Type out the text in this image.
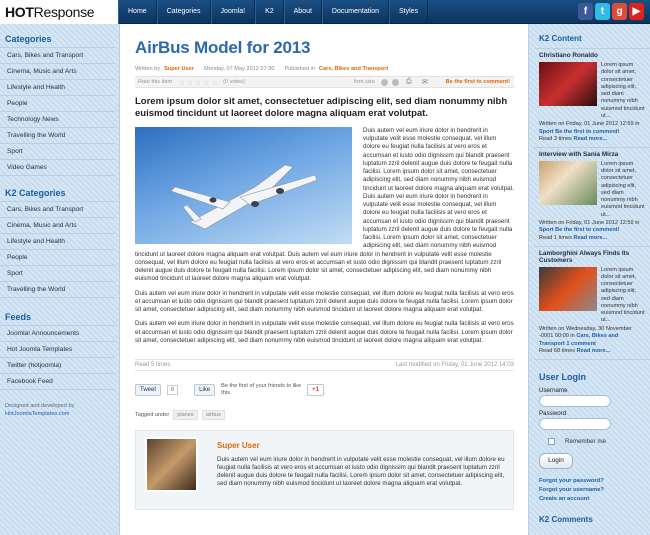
HOTResponse	Home	Categories	Joomla!	K2	About	Documentation	Styles	f	t	g	▶
Categories
Cars, Bikes and Transport
Cinema, Music and Arts
Lifestyle and Health
People
Technology News
Travelling the World
Sport
Video Games
K2 Categories
Cars, Bikes and Transport
Cinema, Music and Arts
Lifestyle and Health
People
Sport
Travelling the World
Feeds
Joomla! Announcements
Hot Joomla Templates
Twitter (hotjoomla)
Facebook Feed
Designed and developed by
HotJoomlaTemplates.com
AirBus Model for 2013
Written by Super User Monday, 07 May 2012 07:30 Published in Cars, Bikes and Transport
Rate this item ☆☆☆☆☆ (0 votes)	font size	⎙ ✉	Be the first to comment!
Lorem ipsum dolor sit amet, consectetuer adipiscing elit, sed diam nonummy nibh euismod tincidunt ut laoreet dolore magna aliquam erat volutpat.
Duis autem vel eum iriure dolor in hendrerit in vulputate velit esse molestie consequat, vel illum dolore eu feugiat nulla facilisis at vero eros et accumsan et iusto odio dignissim qui blandit praesent luptatum zzril delenit augue duis dolore te feugait nulla facilisi. Lorem ipsum dolor sit amet, consectetuer adipiscing elit, sed diam nonummy nibh euismod tincidunt ut laoreet dolore magna aliquam erat volutpat. Duis autem vel eum iriure dolor in hendrerit in vulputate velit esse molestie consequat, vel illum dolore eu feugiat nulla facilisis at vero eros et accumsan et iusto odio dignissim qui blandit praesent luptatum zzril delenit augue duis dolore te feugait nulla facilisi. Lorem ipsum dolor sit amet, consectetuer adipiscing elit, sed diam nonummy nibh euismod tincidunt ut laoreet dolore magna aliquam erat volutpat. Duis autem vel eum iriure dolor in hendrerit in vulputate velit esse molestie consequat, vel illum dolore eu feugiat nulla facilisis at vero eros et accumsan et iusto odio dignissim qui blandit praesent luptatum zzril delenit augue duis dolore te feugait nulla facilisi. Lorem ipsum dolor sit amet, consectetuer adipiscing elit, sed diam nonummy nibh euismod tincidunt ut laoreet dolore magna aliquam erat volutpat.
Duis autem vel eum iriure dolor in hendrerit in vulputate velit esse molestie consequat, vel illum dolore eu feugiat nulla facilisis at vero eros et accumsan et iusto odio dignissim qui blandit praesent luptatum zzril delenit augue duis dolore te feugait nulla facilisi. Lorem ipsum dolor sit amet, consectetuer adipiscing elit, sed diam nonummy nibh euismod tincidunt ut laoreet dolore magna aliquam erat volutpat.
Duis autem vel eum iriure dolor in hendrerit in vulputate velit esse molestie consequat, vel illum dolore eu feugiat nulla facilisis at vero eros et accumsan et iusto odio dignissim qui blandit praesent luptatum zzril delenit augue duis dolore te feugait nulla facilisi. Lorem ipsum dolor sit amet, consectetuer adipiscing elit, sed diam nonummy nibh euismod tincidunt ut laoreet dolore magna aliquam erat volutpat.
Read 5 times	Last modified on Friday, 01 June 2012 14:03
Tweet	0	Like
Be the first of your friends to like this.	+1
Tagged under	planes	airbus
Super User
Duis autem vel eum iriure dolor in hendrerit in vulputate velit esse molestie consequat, vel illum dolore eu feugiat nulla facilisis at vero eros et accumsan et iusto odio dignissim qui blandit praesent luptatum zzril delenit augue duis dolore te feugait nulla facilisi. Lorem ipsum dolor sit amet, consectetuer adipiscing elit, sed diam nonummy nibh euismod tincidunt ut laoreet dolore magna aliquam erat volutpat.
K2 Content
Christiano Ronaldo
Lorem ipsum dolor sit amet, consectetuer adipiscing elit, sed diam nonummy nibh euismod tincidunt ut...
Written on Friday, 01 June 2012 12:59 in Sport Be the first to comment!
Read 3 times Read more...
Interview with Sania Mirza
Lorem ipsum dolor sit amet, consectetuer adipiscing elit, sed diam nonummy nibh euismod tincidunt ut...
Written on Friday, 01 June 2012 12:59 in Sport Be the first to comment!
Read 1 times Read more...
Lamborghini Always Finds Its Customers
Lorem ipsum dolor sit amet, consectetuer adipiscing elit, sed diam nonummy nibh euismod tincidunt ut...
Written on Wednesday, 30 November -0001 00:00 in Cars, Bikes and Transport 1 comment
Read 68 times Read more...
User Login
Username
Password
Remember me
Login
Forgot your password?
Forgot your username?
Create an account
K2 Comments
